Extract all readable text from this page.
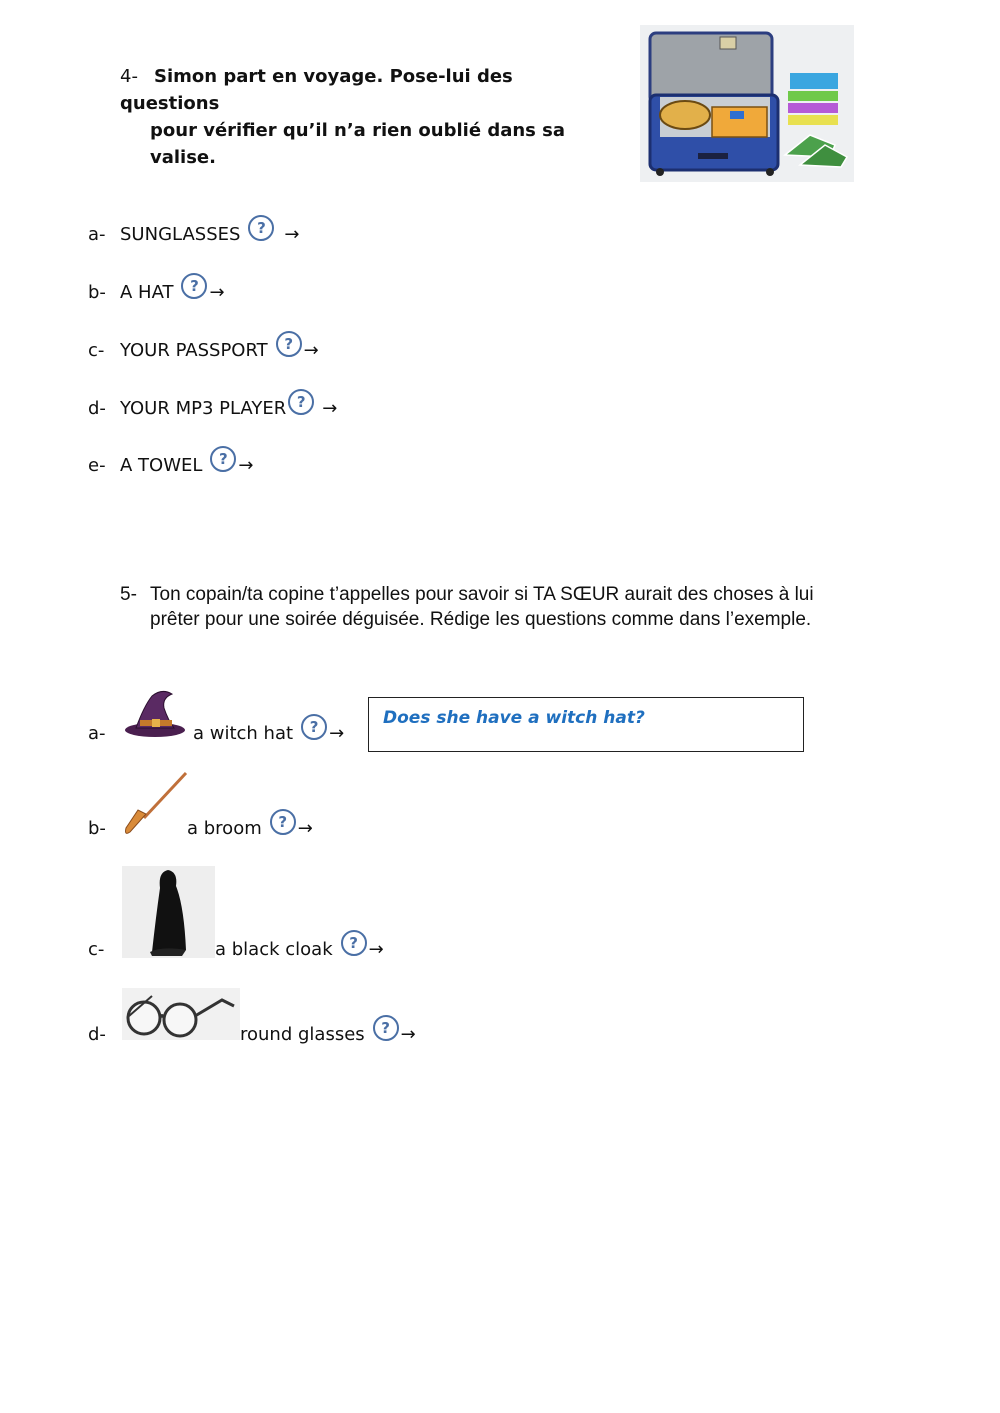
4- Simon part en voyage. Pose-lui des questions
pour vérifier qu’il n’a rien oublié dans sa valise.
a- SUNGLASSES	?	→
b- A HAT	? →
c- YOUR PASSPORT	? →
d- YOUR MP3 PLAYER ? →
e- A TOWEL	? →
5- Ton copain/ta copine t’appelles pour savoir si TA SŒUR aurait des choses à lui
prêter pour une soirée déguisée. Rédige les questions comme dans l’exemple.
a-	a witch hat	? →
Does she have a witch hat?
b-	a broom	? →
c-	a black cloak	? →
d-	round glasses	? →
